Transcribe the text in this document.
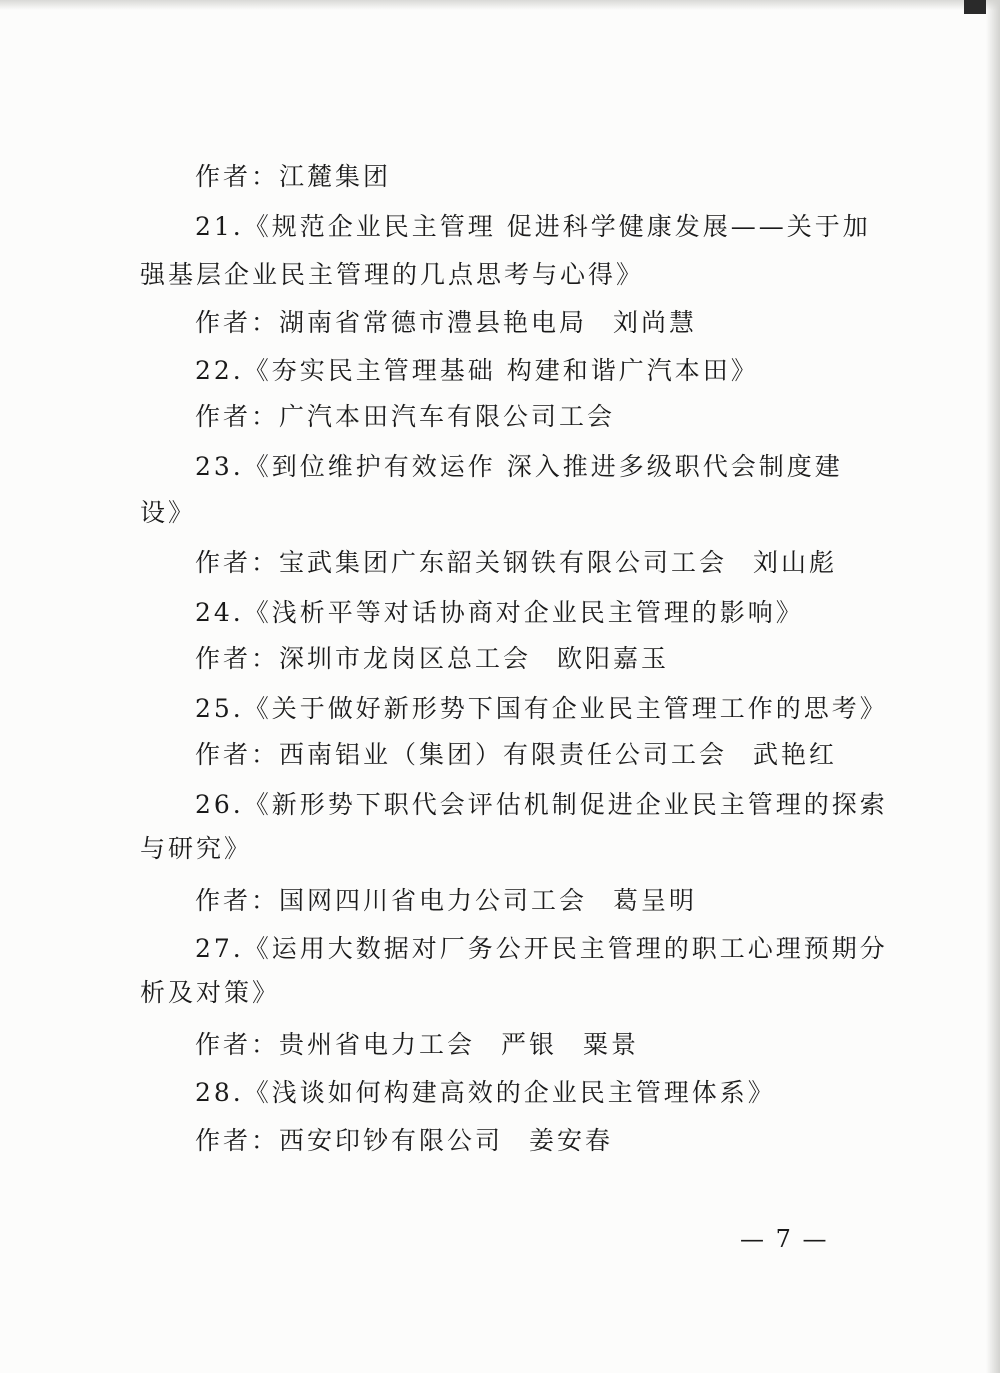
作者：江麓集团
21.《规范企业民主管理 促进科学健康发展——关于加
强基层企业民主管理的几点思考与心得》
作者：湖南省常德市澧县艳电局 刘尚慧
22.《夯实民主管理基础 构建和谐广汽本田》
作者：广汽本田汽车有限公司工会
23.《到位维护有效运作 深入推进多级职代会制度建
设》
作者：宝武集团广东韶关钢铁有限公司工会 刘山彪
24.《浅析平等对话协商对企业民主管理的影响》
作者：深圳市龙岗区总工会 欧阳嘉玉
25.《关于做好新形势下国有企业民主管理工作的思考》
作者：西南铝业（集团）有限责任公司工会 武艳红
26.《新形势下职代会评估机制促进企业民主管理的探索
与研究》
作者：国网四川省电力公司工会 葛呈明
27.《运用大数据对厂务公开民主管理的职工心理预期分
析及对策》
作者：贵州省电力工会 严银 粟景
28.《浅谈如何构建高效的企业民主管理体系》
作者：西安印钞有限公司 姜安春
— 7 —
